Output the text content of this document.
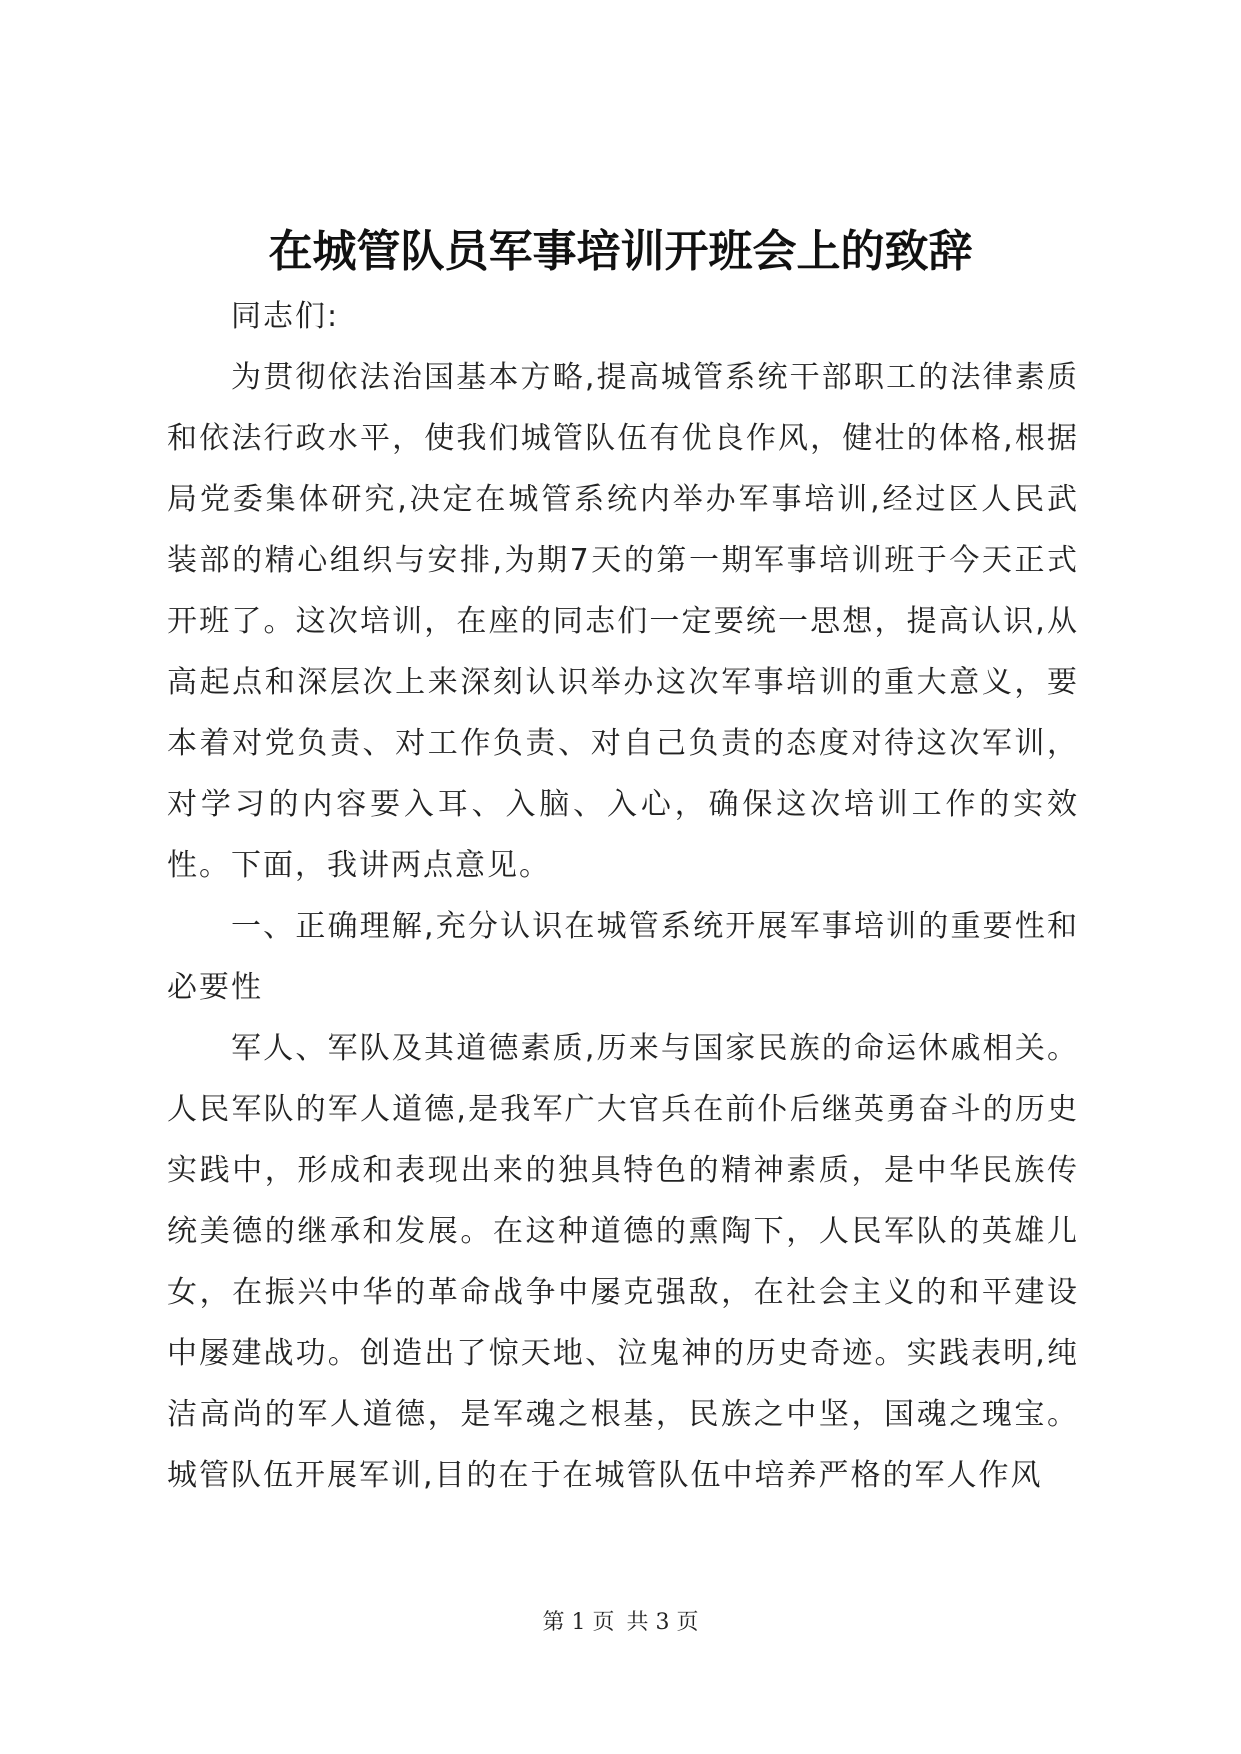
在城管队员军事培训开班会上的致辞

同志们:

为贯彻依法治国基本方略,提高城管系统干部职工的法律素质和依法行政水平，使我们城管队伍有优良作风，健壮的体格,根据局党委集体研究,决定在城管系统内举办军事培训,经过区人民武装部的精心组织与安排,为期7天的第一期军事培训班于今天正式开班了。这次培训，在座的同志们一定要统一思想，提高认识,从高起点和深层次上来深刻认识举办这次军事培训的重大意义，要本着对党负责、对工作负责、对自己负责的态度对待这次军训，对学习的内容要入耳、入脑、入心，确保这次培训工作的实效性。下面，我讲两点意见。

一、正确理解,充分认识在城管系统开展军事培训的重要性和必要性

军人、军队及其道德素质,历来与国家民族的命运休戚相关。人民军队的军人道德,是我军广大官兵在前仆后继英勇奋斗的历史实践中，形成和表现出来的独具特色的精神素质，是中华民族传统美德的继承和发展。在这种道德的熏陶下，人民军队的英雄儿女，在振兴中华的革命战争中屡克强敌，在社会主义的和平建设中屡建战功。创造出了惊天地、泣鬼神的历史奇迹。实践表明,纯洁高尚的军人道德，是军魂之根基，民族之中坚，国魂之瑰宝。城管队伍开展军训,目的在于在城管队伍中培养严格的军人作风

第 1 页 共 3 页
